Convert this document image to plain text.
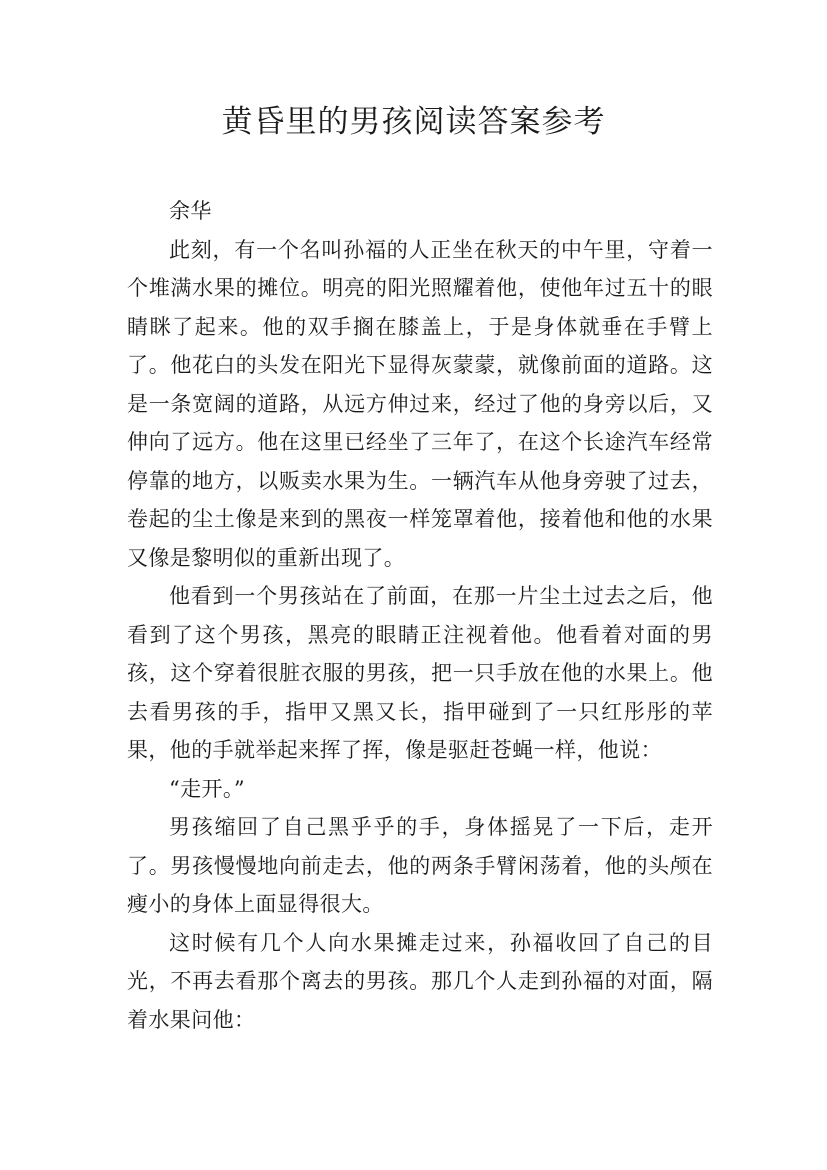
黄昏里的男孩阅读答案参考

余华

此刻，有一个名叫孙福的人正坐在秋天的中午里，守着一个堆满水果的摊位。明亮的阳光照耀着他，使他年过五十的眼睛眯了起来。他的双手搁在膝盖上，于是身体就垂在手臂上了。他花白的头发在阳光下显得灰蒙蒙，就像前面的道路。这是一条宽阔的道路，从远方伸过来，经过了他的身旁以后，又伸向了远方。他在这里已经坐了三年了，在这个长途汽车经常停靠的地方，以贩卖水果为生。一辆汽车从他身旁驶了过去，卷起的尘土像是来到的黑夜一样笼罩着他，接着他和他的水果又像是黎明似的重新出现了。

他看到一个男孩站在了前面，在那一片尘土过去之后，他看到了这个男孩，黑亮的眼睛正注视着他。他看着对面的男孩，这个穿着很脏衣服的男孩，把一只手放在他的水果上。他去看男孩的手，指甲又黑又长，指甲碰到了一只红彤彤的苹果，他的手就举起来挥了挥，像是驱赶苍蝇一样，他说：

“走开。”

男孩缩回了自己黑乎乎的手，身体摇晃了一下后，走开了。男孩慢慢地向前走去，他的两条手臂闲荡着，他的头颅在瘦小的身体上面显得很大。

这时候有几个人向水果摊走过来，孙福收回了自己的目光，不再去看那个离去的男孩。那几个人走到孙福的对面，隔着水果问他：
